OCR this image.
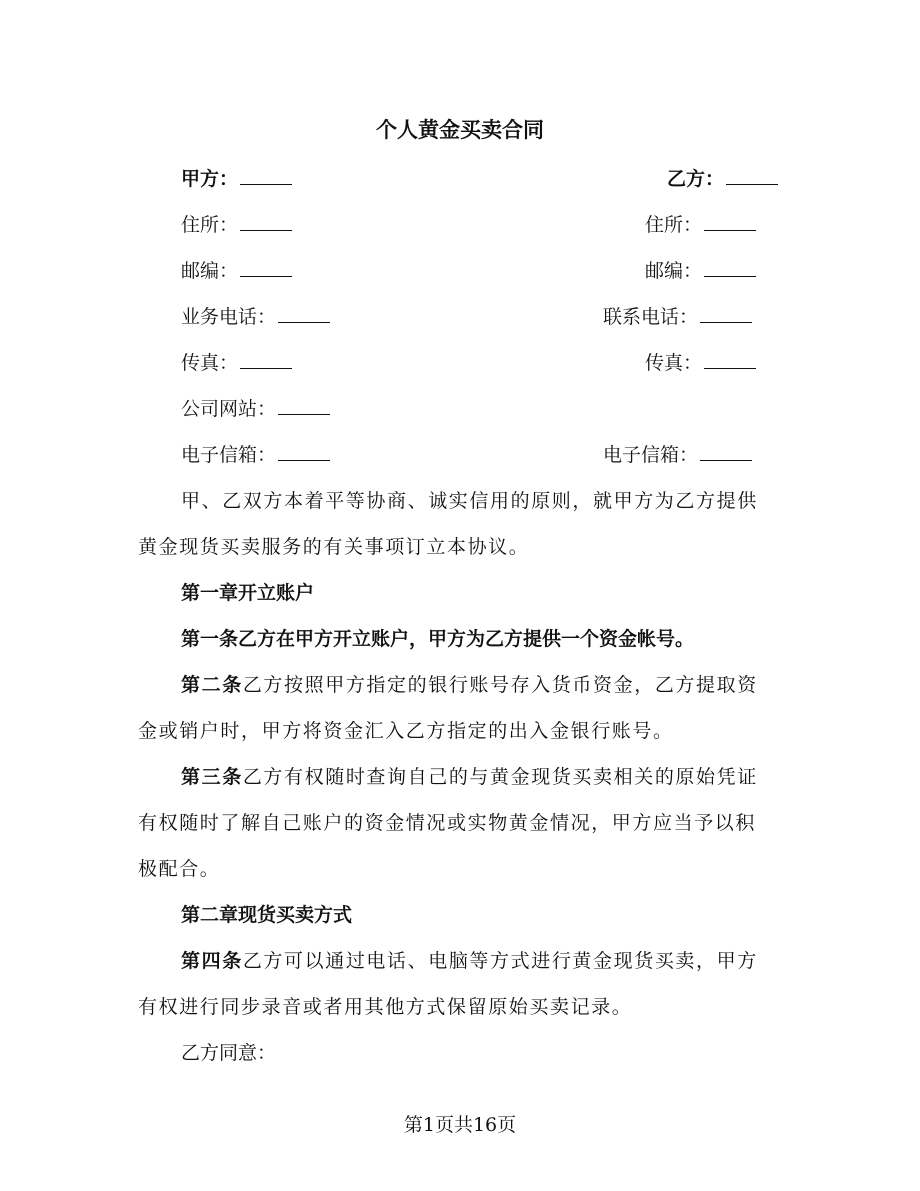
个人黄金买卖合同
甲方：	乙方：
住所：	住所：
邮编：	邮编：
业务电话：	联系电话：
传真：	传真：
公司网站：
电子信箱：	电子信箱：
甲、乙双方本着平等协商、诚实信用的原则，就甲方为乙方提供
黄金现货买卖服务的有关事项订立本协议。
第一章开立账户
第一条乙方在甲方开立账户，甲方为乙方提供一个资金帐号。
第二条乙方按照甲方指定的银行账号存入货币资金，乙方提取资
金或销户时，甲方将资金汇入乙方指定的出入金银行账号。
第三条乙方有权随时查询自己的与黄金现货买卖相关的原始凭证
有权随时了解自己账户的资金情况或实物黄金情况，甲方应当予以积
极配合。
第二章现货买卖方式
第四条乙方可以通过电话、电脑等方式进行黄金现货买卖，甲方
有权进行同步录音或者用其他方式保留原始买卖记录。
乙方同意：
第1页共16页
